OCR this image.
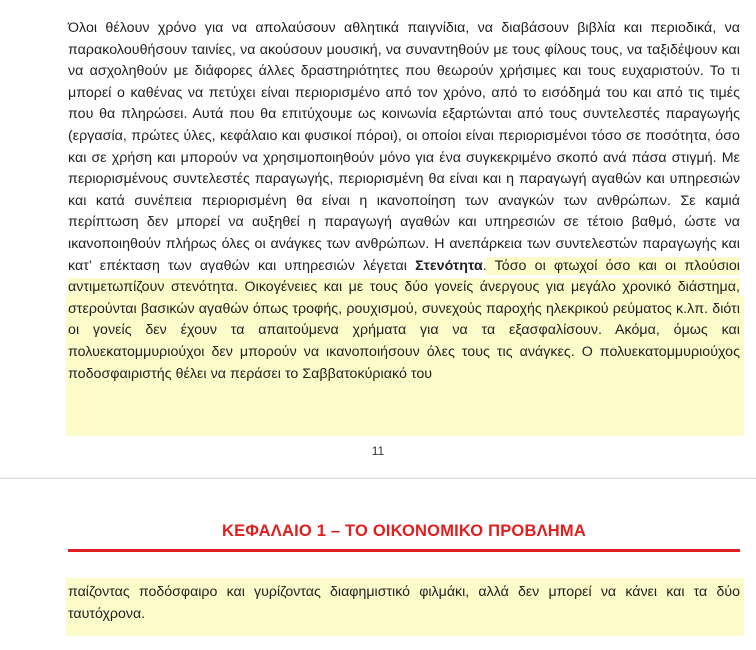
Όλοι θέλουν χρόνο για να απολαύσουν αθλητικά παιγνίδια, να διαβάσουν βιβλία και περιοδικά, να παρακολουθήσουν ταινίες, να ακούσουν μουσική, να συναντηθούν με τους φίλους τους, να ταξιδέψουν και να ασχοληθούν με διάφορες άλλες δραστηριότητες που θεωρούν χρήσιμες και τους ευχαριστούν. Το τι μπορεί ο καθένας να πετύχει είναι περιορισμένο από τον χρόνο, από το εισόδημά του και από τις τιμές που θα πληρώσει. Αυτά που θα επιτύχουμε ως κοινωνία εξαρτώνται από τους συντελεστές παραγωγής (εργασία, πρώτες ύλες, κεφάλαιο και φυσικοί πόροι), οι οποίοι είναι περιορισμένοι τόσο σε ποσότητα, όσο και σε χρήση και μπορούν να χρησιμοποιηθούν μόνο για ένα συγκεκριμένο σκοπό ανά πάσα στιγμή. Με περιορισμένους συντελεστές παραγωγής, περιορισμένη θα είναι και η παραγωγή αγαθών και υπηρεσιών και κατά συνέπεια περιορισμένη θα είναι η ικανοποίηση των αναγκών των ανθρώπων. Σε καμιά περίπτωση δεν μπορεί να αυξηθεί η παραγωγή αγαθών και υπηρεσιών σε τέτοιο βαθμό, ώστε να ικανοποιηθούν πλήρως όλες οι ανάγκες των ανθρώπων. Η ανεπάρκεια των συντελεστών παραγωγής και κατ’ επέκταση των αγαθών και υπηρεσιών λέγεται Στενότητα. Τόσο οι φτωχοί όσο και οι πλούσιοι αντιμετωπίζουν στενότητα. Οικογένειες και με τους δύο γονείς άνεργους για μεγάλο χρονικό διάστημα, στερούνται βασικών αγαθών όπως τροφής, ρουχισμού, συνεχούς παροχής ηλεκρικού ρεύματος κ.λπ. διότι οι γονείς δεν έχουν τα απαιτούμενα χρήματα για να τα εξασφαλίσουν. Ακόμα, όμως και πολυεκατομμυριούχοι δεν μπορούν να ικανοποιήσουν όλες τους τις ανάγκες. Ο πολυεκατομμυριούχος ποδοσφαιριστής θέλει να περάσει το Σαββατοκύριακό του
11
ΚΕΦΑΛΑΙΟ 1 – ΤΟ ΟΙΚΟΝΟΜΙΚΟ ΠΡΟΒΛΗΜΑ
παίζοντας ποδόσφαιρο και γυρίζοντας διαφημιστικό φιλμάκι, αλλά δεν μπορεί να κάνει και τα δύο ταυτόχρονα.
